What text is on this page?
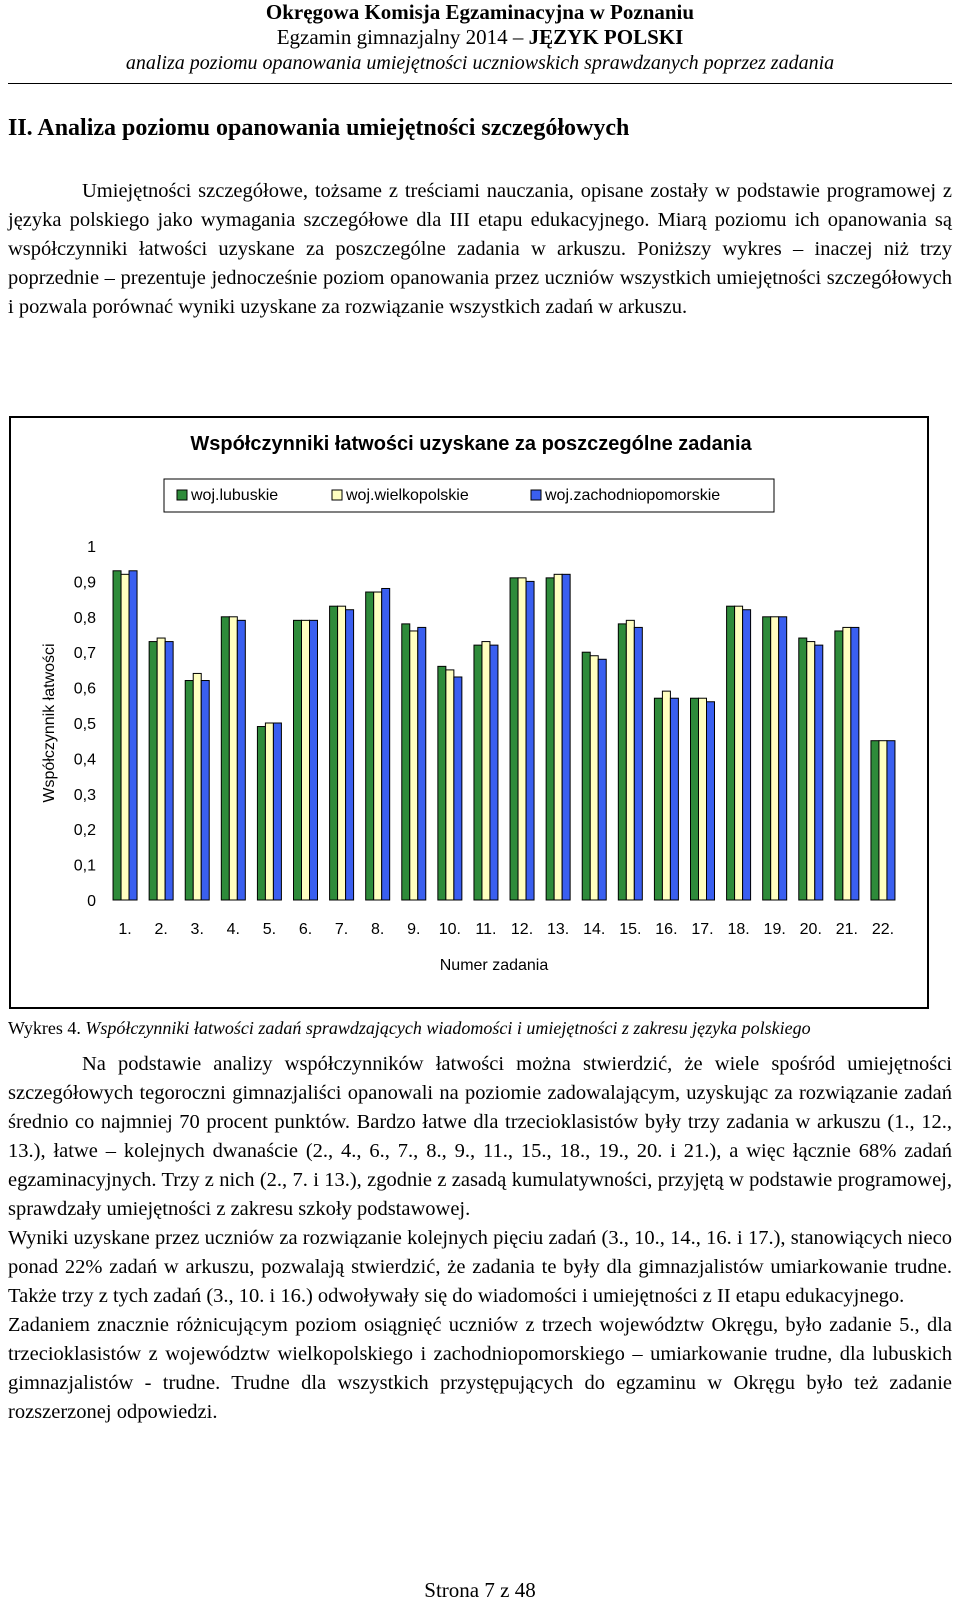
Okręgowa Komisja Egzaminacyjna w Poznaniu
Egzamin gimnazjalny 2014 – JĘZYK POLSKI
analiza poziomu opanowania umiejętności uczniowskich sprawdzanych poprzez zadania
II. Analiza poziomu opanowania umiejętności szczegółowych

Umiejętności szczegółowe, tożsame z treściami nauczania, opisane zostały w podstawie programowej z języka polskiego jako wymagania szczegółowe dla III etapu edukacyjnego. Miarą poziomu ich opanowania są współczynniki łatwości uzyskane za poszczególne zadania w arkuszu. Poniższy wykres – inaczej niż trzy poprzednie – prezentuje jednocześnie poziom opanowania przez uczniów wszystkich umiejętności szczegółowych i pozwala porównać wyniki uzyskane za rozwiązanie wszystkich zadań w arkuszu.

Współczynniki łatwości uzyskane za poszczególne zadania
woj.lubuskie	woj.wielkopolskie	woj.zachodniopomorskie
0
0,1
0,2
0,3
0,4
0,5
0,6
0,7
0,8
0,9
1
Współczynnik łatwości
1. 2. 3. 4. 5. 6. 7. 8. 9. 10. 11. 12. 13. 14. 15. 16. 17. 18. 19. 20. 21. 22.
Numer zadania
Wykres 4. Współczynniki łatwości zadań sprawdzających wiadomości i umiejętności z zakresu języka polskiego

Na podstawie analizy współczynników łatwości można stwierdzić, że wiele spośród umiejętności szczegółowych tegoroczni gimnazjaliści opanowali na poziomie zadowalającym, uzyskując za rozwiązanie zadań średnio co najmniej 70 procent punktów. Bardzo łatwe dla trzecioklasistów były trzy zadania w arkuszu (1., 12., 13.), łatwe – kolejnych dwanaście (2., 4., 6., 7., 8., 9., 11., 15., 18., 19., 20. i 21.), a więc łącznie 68% zadań egzaminacyjnych. Trzy z nich (2., 7. i 13.), zgodnie z zasadą kumulatywności, przyjętą w podstawie programowej, sprawdzały umiejętności z zakresu szkoły podstawowej.

Wyniki uzyskane przez uczniów za rozwiązanie kolejnych pięciu zadań (3., 10., 14., 16. i 17.), stanowiących nieco ponad 22% zadań w arkuszu, pozwalają stwierdzić, że zadania te były dla gimnazjalistów umiarkowanie trudne. Także trzy z tych zadań (3., 10. i 16.) odwoływały się do wiadomości i umiejętności z II etapu edukacyjnego.

Zadaniem znacznie różnicującym poziom osiągnięć uczniów z trzech województw Okręgu, było zadanie 5., dla trzecioklasistów z województw wielkopolskiego i zachodniopomorskiego – umiarkowanie trudne, dla lubuskich gimnazjalistów - trudne. Trudne dla wszystkich przystępujących do egzaminu w Okręgu było też zadanie rozszerzonej odpowiedzi.

Strona 7 z 48
